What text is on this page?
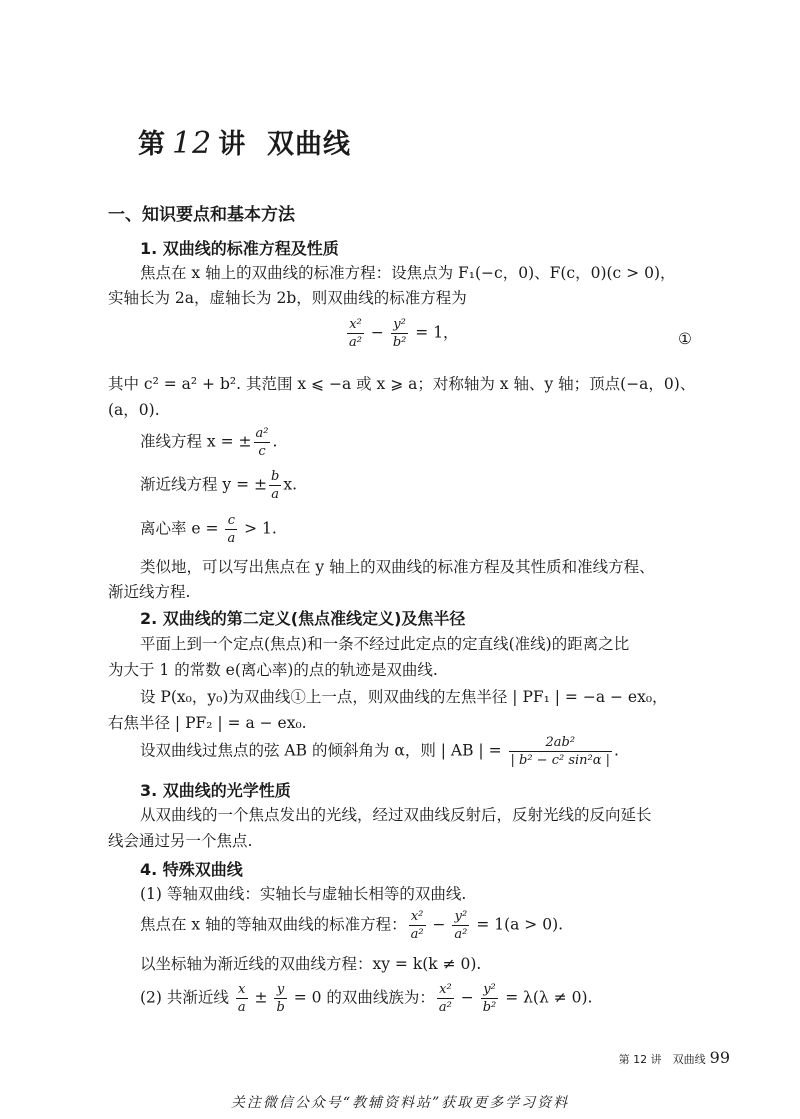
第 12 讲 双曲线
一、知识要点和基本方法
1. 双曲线的标准方程及性质
焦点在 x 轴上的双曲线的标准方程：设焦点为 F₁(−c，0)、F(c，0)(c > 0)，
实轴长为 2a，虚轴长为 2b，则双曲线的标准方程为
$\frac{\text{x²}}{\text{a²}} - \frac{\text{y²}}{\text{b²}} = 1$，	①
其中 c² = a² + b². 其范围 x ⩽ −a 或 x ⩾ a；对称轴为 x 轴、y 轴；顶点(−a，0)、
(a，0).
准线方程 x = ± $\frac{\text{a²}}{c}$ .
渐近线方程 y = ± $\frac{b}{a} x$.
离心率 $e = \frac{c}{a} > 1$.
类似地，可以写出焦点在 y 轴上的双曲线的标准方程及其性质和准线方程、
渐近线方程.
2. 双曲线的第二定义(焦点准线定义)及焦半径
平面上到一个定点(焦点)和一条不经过此定点的定直线(准线)的距离之比
为大于 1 的常数 e(离心率)的点的轨迹是双曲线.
设 P(x₀，y₀)为双曲线①上一点，则双曲线的左焦半径 | PF₁ | = −a − ex₀，
右焦半径 | PF₂ | = a − ex₀.
设双曲线过焦点的弦 AB 的倾斜角为 α，则 | AB | = $\frac{\text{2ab²}}{\text{| b² − c² sin²α |}}$ .
3. 双曲线的光学性质
从双曲线的一个焦点发出的光线，经过双曲线反射后，反射光线的反向延长
线会通过另一个焦点.
4. 特殊双曲线
(1) 等轴双曲线：实轴长与虚轴长相等的双曲线.
焦点在 x 轴的等轴双曲线的标准方程： $\frac{\text{x²}}{\text{a²}} - \frac{\text{y²}}{\text{a²}} = 1(a > 0)$.
以坐标轴为渐近线的双曲线方程：xy = k(k ≠ 0).
(2) 共渐近线 $\frac{x}{a} \pm \frac{y}{b} = 0$ 的双曲线族为： $\frac{\text{x²}}{\text{a²}} - \frac{\text{y²}}{\text{b²}} = \lambda(\lambda \ne 0)$.
第 12 讲　双曲线 99
关注微信公众号“教辅资料站”获取更多学习资料
